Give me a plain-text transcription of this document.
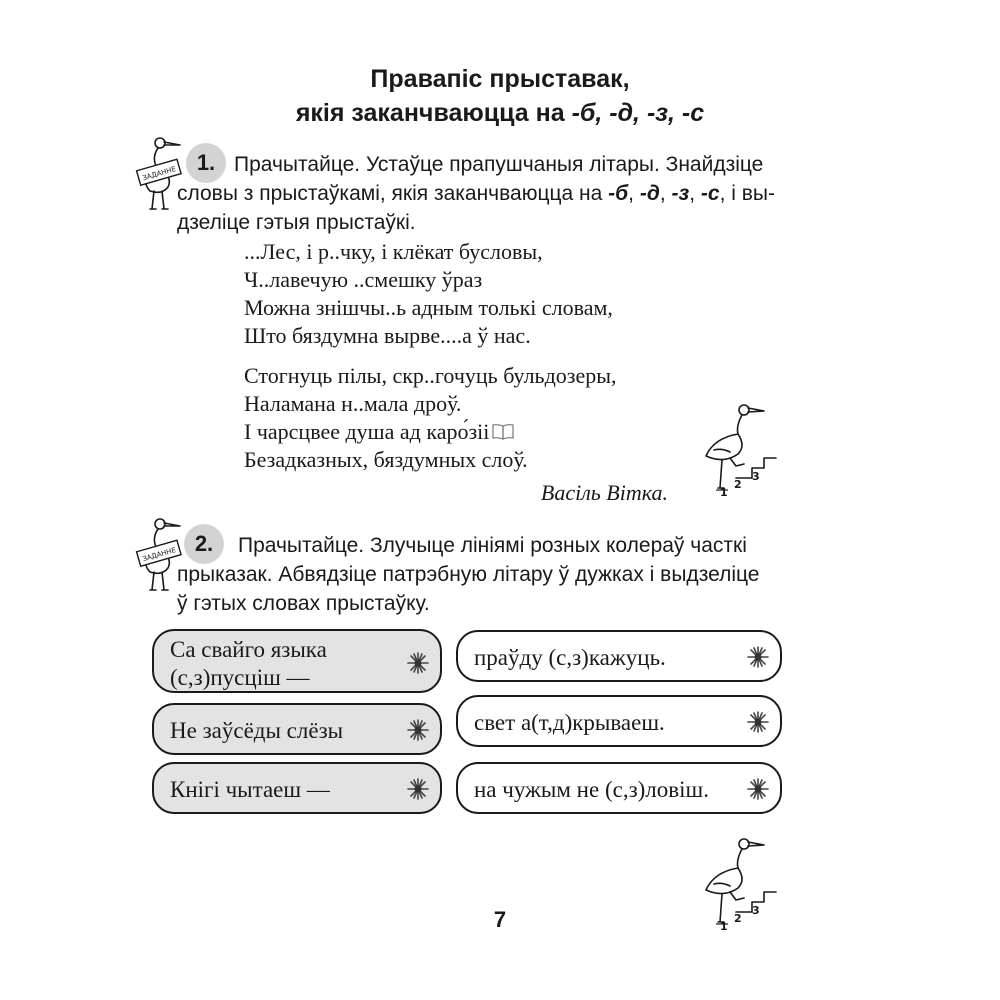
Правапіс прыставак,
якія заканчваюцца на -б, -д, -з, -с
ЗАДАННЕ 1. Прачытайце. Устаўце прапушчаныя літары. Знайдзіце
словы з прыстаўкамі, якія заканчваюцца на -б, -д, -з, -с, і вы-
дзеліце гэтыя прыстаўкі.
...Лес, і р..чку, і клёкат бусловы,
Ч..лавечую ..смешку ўраз
Можна знішчы..ь адным толькі словам,
Што бяздумна выpве....а ў нас.
Стогнуць пілы, скр..гочуць бульдозеры,
Наламана н..мала дроў.
І чарсцвее душа ад каро́зіі
Безадказных, бяздумных слоў.
Васіль Вітка.	1
2
3
ЗАДАННЕ 2.	Прачытайце. Злучыце лініямі розных колераў часткі
прыказак. Абвядзіце патрэбную літару ў дужках і выдзеліце
ў гэтых словах прыстаўку.
Са свайго языка
(с,з)пусціш —
Не заўсёды слёзы
Кнігі чытаеш —
праўду (с,з)кажуць.
свет а(т,д)крываеш.
на чужым не (с,з)ловіш.
1
2
3
7
